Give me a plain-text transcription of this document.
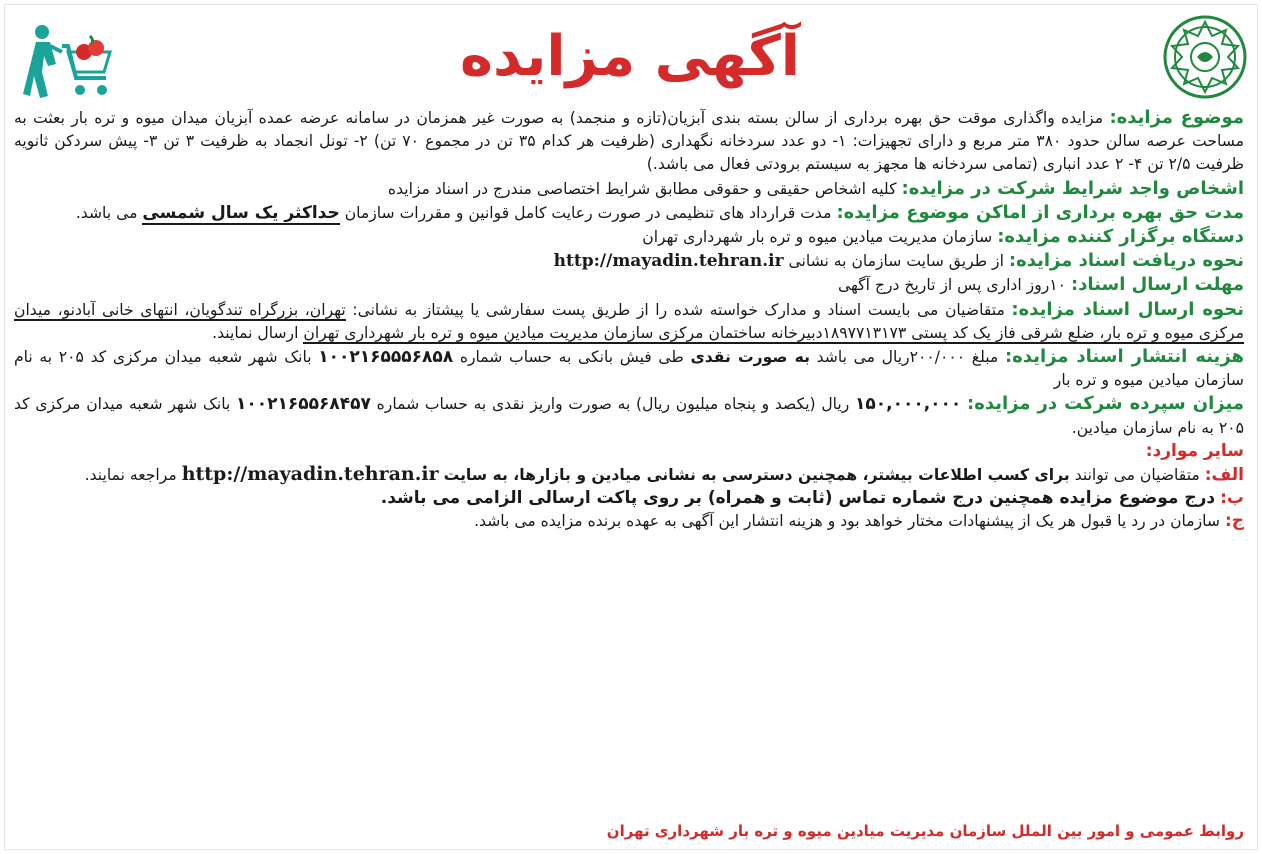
آگهی مزایده

موضوع مزایده: مزایده واگذاری موقت حق بهره برداری از سالن بسته بندی آبزیان(تازه و منجمد) به صورت غیر همزمان در سامانه عرضه عمده آبزیان میدان میوه و تره بار بعثت به مساحت عرصه سالن حدود ۳۸۰ متر مربع و دارای تجهیزات: ۱- دو عدد سردخانه نگهداری (ظرفیت هر کدام ۳۵ تن در مجموع ۷۰ تن) ۲- تونل انجماد به ظرفیت ۳ تن ۳- پیش سردکن ثانویه ظرفیت ۲/۵ تن ۴- ۲ عدد انباری (تمامی سردخانه ها مجهز به سیستم برودتی فعال می باشد.)

اشخاص واجد شرایط شرکت در مزایده: کلیه اشخاص حقیقی و حقوقی مطابق شرایط اختصاصی مندرج در اسناد مزایده

مدت حق بهره برداری از اماکن موضوع مزایده: مدت قرارداد های تنظیمی در صورت رعایت کامل قوانین و مقررات سازمان حداکثر یک سال شمسی می باشد.

دستگاه برگزار کننده مزایده: سازمان مدیریت میادین میوه و تره بار شهرداری تهران

نحوه دریافت اسناد مزایده: از طریق سایت سازمان به نشانی http://mayadin.tehran.ir

مهلت ارسال اسناد: ۱۰روز اداری پس از تاریخ درج آگهی

نحوه ارسال اسناد مزایده: متقاضیان می بایست اسناد و مدارک خواسته شده را از طریق پست سفارشی یا پیشتاز به نشانی: تهران، بزرگراه تندگویان، انتهای خانی آبادنو، میدان مرکزی میوه و تره بار، ضلع شرقی فاز یک کد پستی ۱۸۹۷۷۱۳۱۷۳دبیرخانه ساختمان مرکزی سازمان مدیریت میادین میوه و تره بار شهرداری تهران ارسال نمایند.

هزینه انتشار اسناد مزایده: مبلغ ۲۰۰/۰۰۰ریال می باشد به صورت نقدی طی فیش بانکی به حساب شماره ۱۰۰۲۱۶۵۵۵۶۸۵۸ بانک شهر شعبه میدان مرکزی کد ۲۰۵ به نام سازمان میادین میوه و تره بار

میزان سپرده شرکت در مزایده: ۱۵۰,۰۰۰,۰۰۰ ریال (یکصد و پنجاه میلیون ریال) به صورت واریز نقدی به حساب شماره ۱۰۰۲۱۶۵۵۶۸۴۵۷ بانک شهر شعبه میدان مرکزی کد ۲۰۵ به نام سازمان میادین.

سایر موارد:

الف: متقاضیان می توانند برای کسب اطلاعات بیشتر، همچنین دسترسی به نشانی میادین و بازارها، به سایت http://mayadin.tehran.ir مراجعه نمایند.

ب: درج موضوع مزایده همچنین درج شماره تماس (ثابت و همراه) بر روی پاکت ارسالی الزامی می باشد.

ج: سازمان در رد یا قبول هر یک از پیشنهادات مختار خواهد بود و هزینه انتشار این آگهی به عهده برنده مزایده می باشد.

روابط عمومی و امور بین الملل سازمان مدیریت میادین میوه و تره بار شهرداری تهران
